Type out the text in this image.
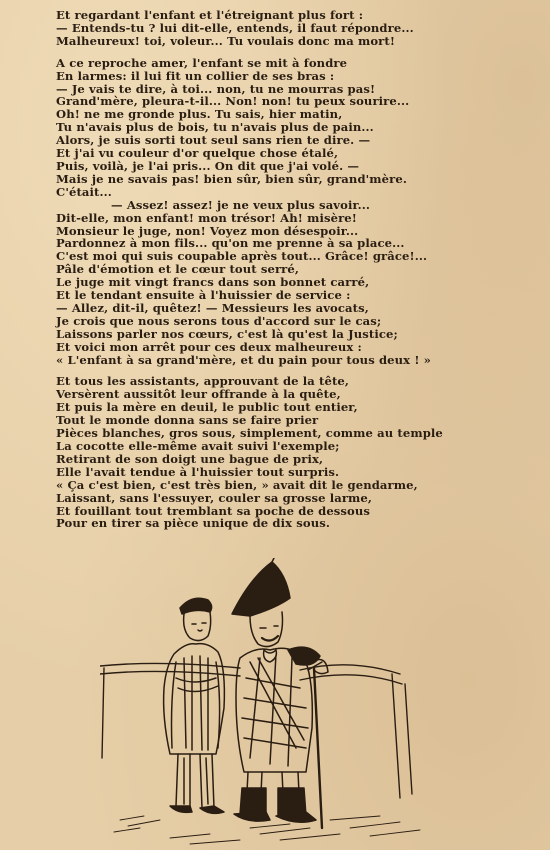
Et regardant l'enfant et l'étreignant plus fort :
— Entends-tu ? lui dit-elle, entends, il faut répondre...
Malheureux! toi, voleur... Tu voulais donc ma mort!

A ce reproche amer, l'enfant se mit à fondre
En larmes: il lui fit un collier de ses bras :
— Je vais te dire, à toi... non, tu ne mourras pas!
Grand'mère, pleura-t-il... Non! non! tu peux sourire...
Oh! ne me gronde plus. Tu sais, hier matin,
Tu n'avais plus de bois, tu n'avais plus de pain...
Alors, je suis sorti tout seul sans rien te dire. —
Et j'ai vu couleur d'or quelque chose étalé,
Puis, voilà, je l'ai pris... On dit que j'ai volé. —
Mais je ne savais pas! bien sûr, bien sûr, grand'mère.
C'était...
— Assez! assez! je ne veux plus savoir...
Dit-elle, mon enfant! mon trésor! Ah! misère!
Monsieur le juge, non! Voyez mon désespoir...
Pardonnez à mon fils... qu'on me prenne à sa place...
C'est moi qui suis coupable après tout... Grâce! grâce!...
Pâle d'émotion et le cœur tout serré,
Le juge mit vingt francs dans son bonnet carré,
Et le tendant ensuite à l'huissier de service :
— Allez, dit-il, quêtez! — Messieurs les avocats,
Je crois que nous serons tous d'accord sur le cas;
Laissons parler nos cœurs, c'est là qu'est la Justice;
Et voici mon arrêt pour ces deux malheureux :
« L'enfant à sa grand'mère, et du pain pour tous deux ! »

Et tous les assistants, approuvant de la tête,
Versèrent aussitôt leur offrande à la quête,
Et puis la mère en deuil, le public tout entier,
Tout le monde donna sans se faire prier
Pièces blanches, gros sous, simplement, comme au temple
La cocotte elle-même avait suivi l'exemple;
Retirant de son doigt une bague de prix,
Elle l'avait tendue à l'huissier tout surpris.
« Ça c'est bien, c'est très bien, » avait dit le gendarme,
Laissant, sans l'essuyer, couler sa grosse larme,
Et fouillant tout tremblant sa poche de dessous
Pour en tirer sa pièce unique de dix sous.
